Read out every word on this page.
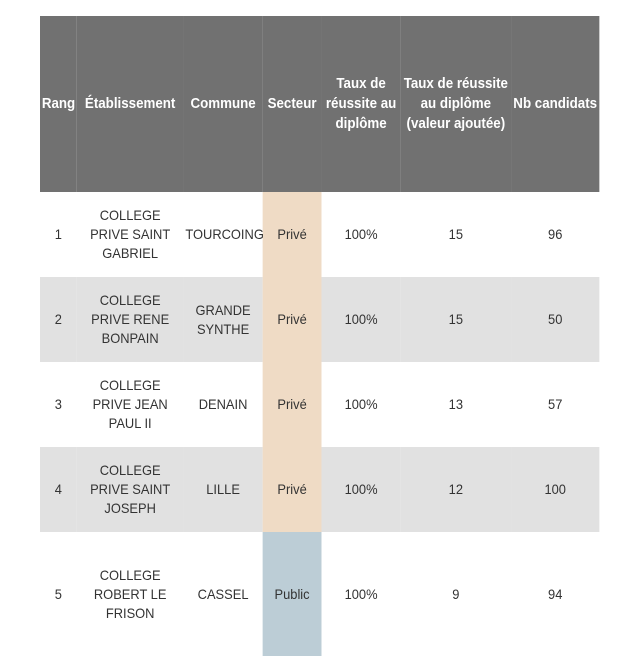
Rang	Établissement	Commune	Secteur	Taux de réussite au diplôme	Taux de réussite au diplôme (valeur ajoutée)	Nb candidats
1	COLLEGE PRIVE SAINT GABRIEL	TOURCOING	Privé	100%	15	96
2	COLLEGE PRIVE RENE BONPAIN	GRANDE SYNTHE	Privé	100%	15	50
3	COLLEGE PRIVE JEAN PAUL II	DENAIN	Privé	100%	13	57
4	COLLEGE PRIVE SAINT JOSEPH	LILLE	Privé	100%	12	100
5	COLLEGE ROBERT LE FRISON	CASSEL	Public	100%	9	94
